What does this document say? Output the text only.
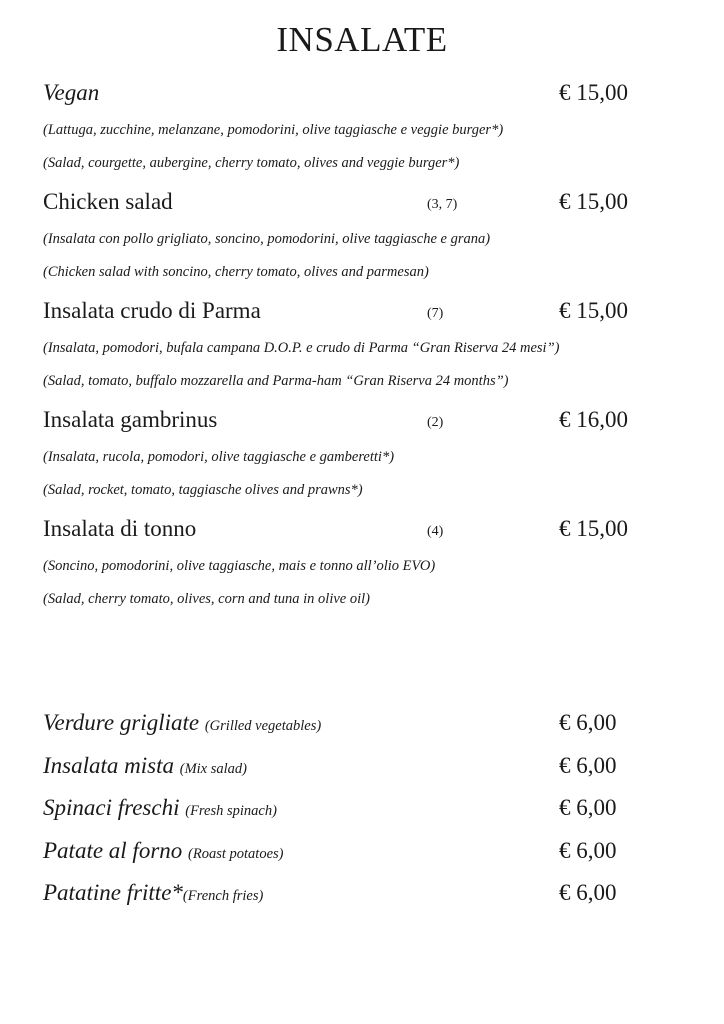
INSALATE
Vegan	€ 15,00
(Lattuga, zucchine, melanzane, pomodorini, olive taggiasche e veggie burger*)
(Salad, courgette, aubergine, cherry tomato, olives and veggie burger*)
Chicken salad	(3, 7)	€ 15,00
(Insalata con pollo grigliato, soncino, pomodorini, olive taggiasche e grana)
(Chicken salad with soncino, cherry tomato, olives and parmesan)
Insalata crudo di Parma	(7)	€ 15,00
(Insalata, pomodori, bufala campana D.O.P. e crudo di Parma “Gran Riserva 24 mesi”)
(Salad, tomato, buffalo mozzarella and Parma-ham “Gran Riserva 24 months”)
Insalata gambrinus	(2)	€ 16,00
(Insalata, rucola, pomodori, olive taggiasche e gamberetti*)
(Salad, rocket, tomato, taggiasche olives and prawns*)
Insalata di tonno	(4)	€ 15,00
(Soncino, pomodorini, olive taggiasche, mais e tonno all’olio EVO)
(Salad, cherry tomato, olives, corn and tuna in olive oil)
Verdure grigliate (Grilled vegetables)	€ 6,00
Insalata mista (Mix salad)	€ 6,00
Spinaci freschi (Fresh spinach)	€ 6,00
Patate al forno (Roast potatoes)	€ 6,00
Patatine fritte*(French fries)	€ 6,00
